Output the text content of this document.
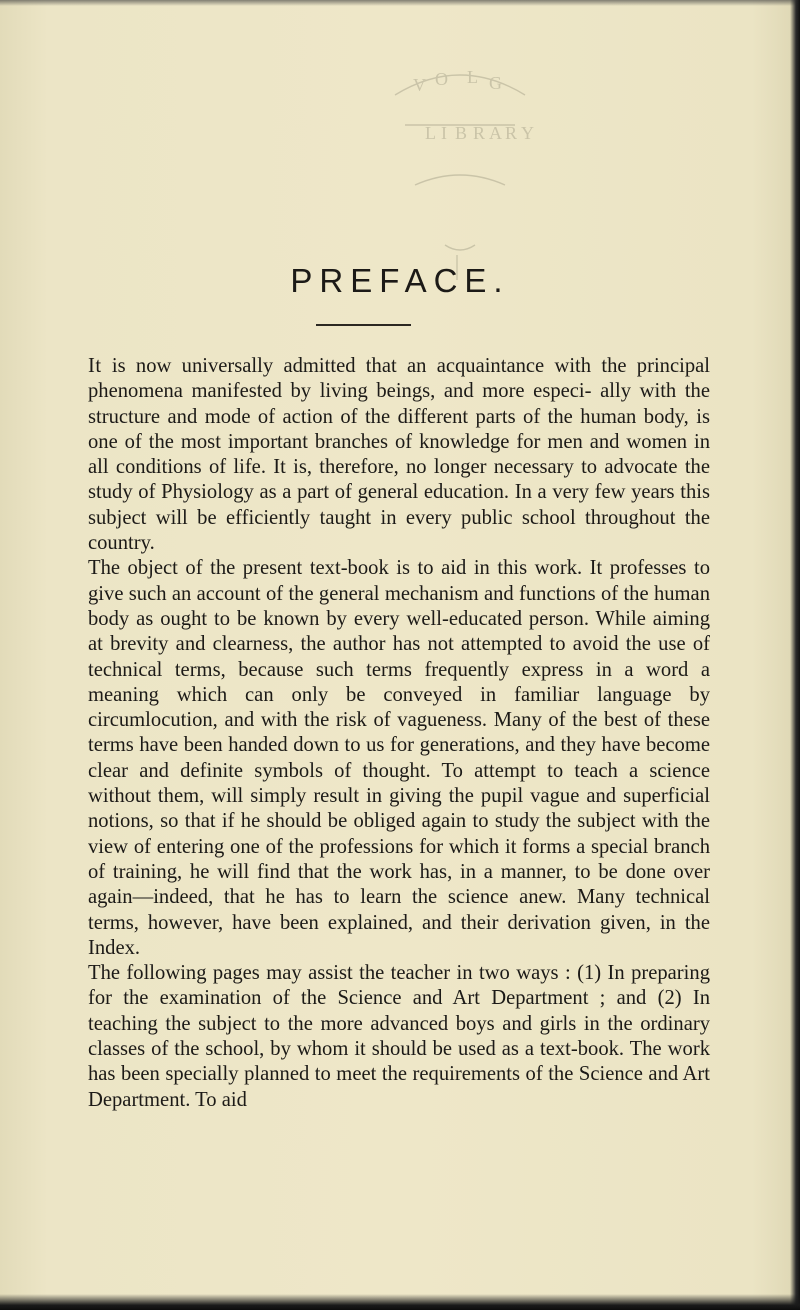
V O L G
L I B R A R Y
PREFACE.

It is now universally admitted that an acquaintance with the principal phenomena manifested by living beings, and more especi- ally with the structure and mode of action of the different parts of the human body, is one of the most important branches of knowledge for men and women in all conditions of life. It is, therefore, no longer necessary to advocate the study of Physiology as a part of general education. In a very few years this subject will be efficiently taught in every public school throughout the country.

The object of the present text-book is to aid in this work. It professes to give such an account of the general mechanism and functions of the human body as ought to be known by every well-educated person. While aiming at brevity and clearness, the author has not attempted to avoid the use of technical terms, because such terms frequently express in a word a meaning which can only be conveyed in familiar language by circumlocution, and with the risk of vagueness. Many of the best of these terms have been handed down to us for generations, and they have become clear and definite symbols of thought. To attempt to teach a science without them, will simply result in giving the pupil vague and superficial notions, so that if he should be obliged again to study the subject with the view of entering one of the professions for which it forms a special branch of training, he will find that the work has, in a manner, to be done over again—indeed, that he has to learn the science anew. Many technical terms, however, have been explained, and their derivation given, in the Index.

The following pages may assist the teacher in two ways : (1) In preparing for the examination of the Science and Art Department ; and (2) In teaching the subject to the more advanced boys and girls in the ordinary classes of the school, by whom it should be used as a text-book. The work has been specially planned to meet the requirements of the Science and Art Department. To aid
